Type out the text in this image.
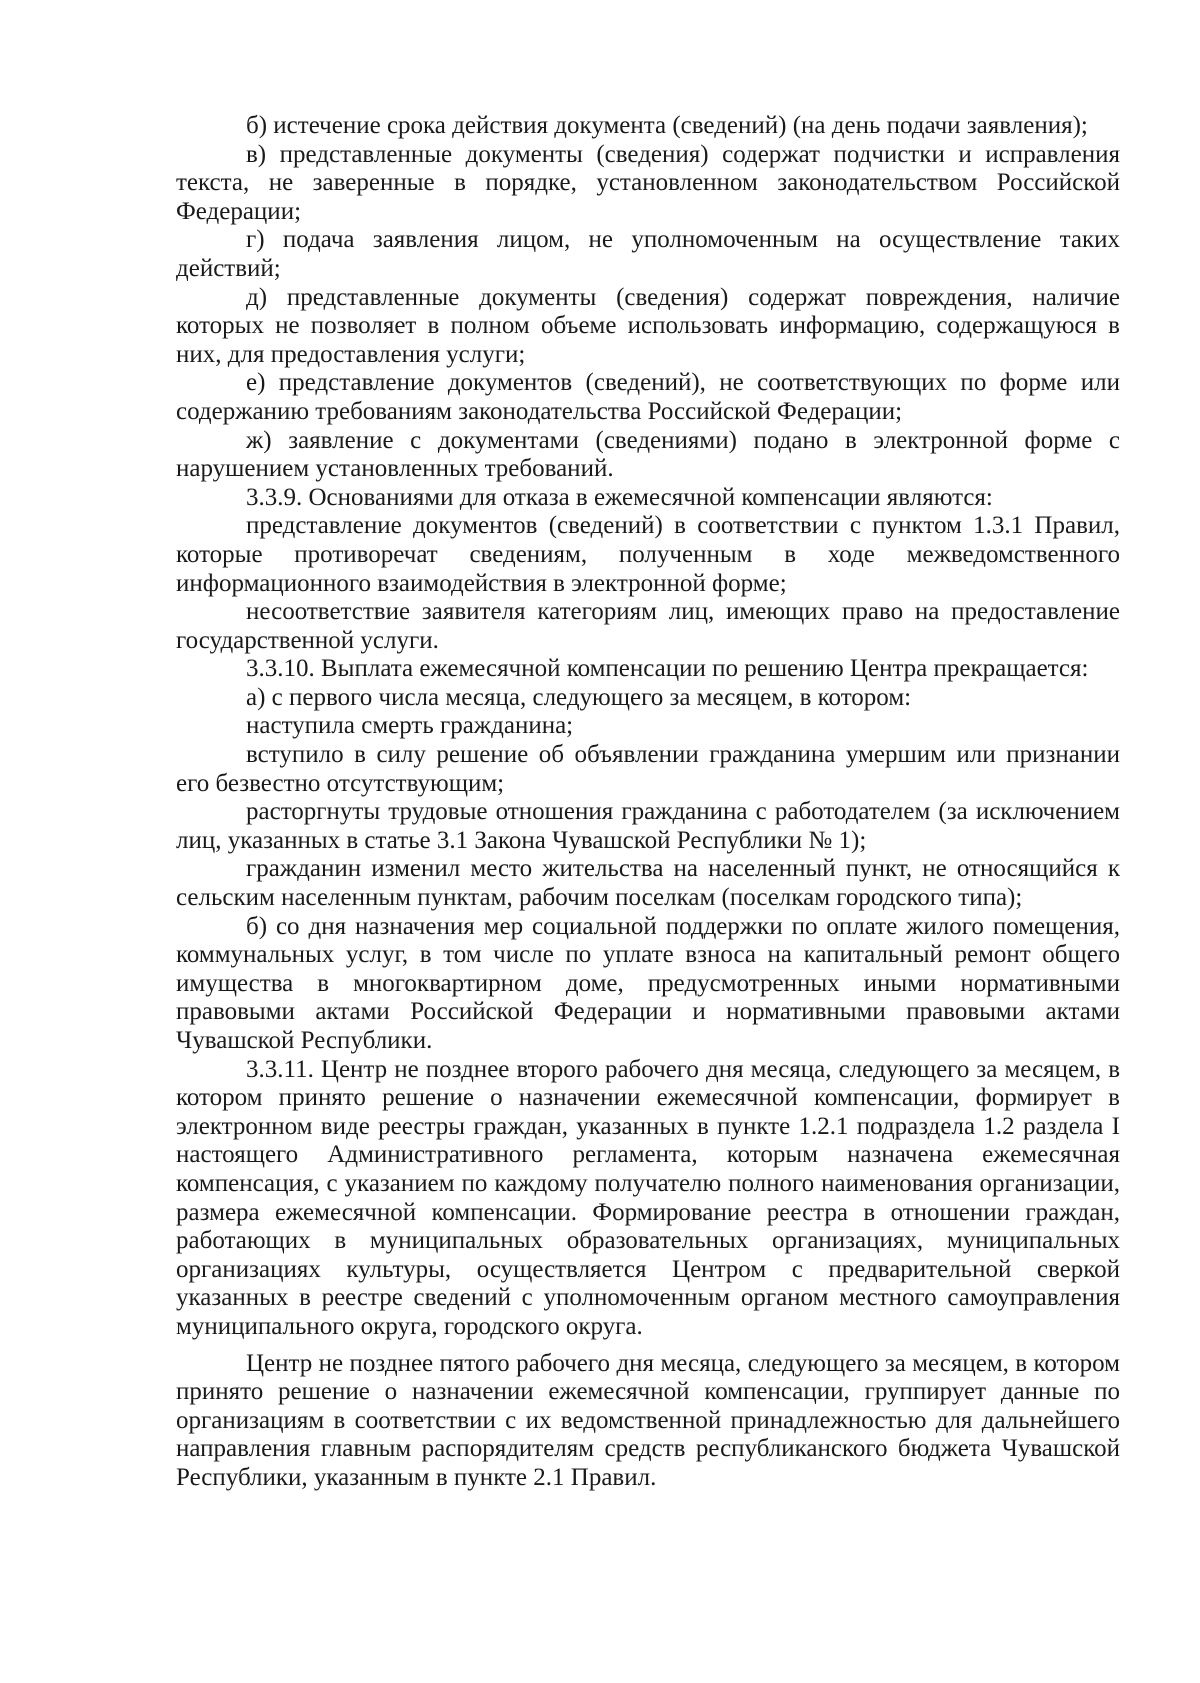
б) истечение срока действия документа (сведений) (на день подачи заявления);

в) представленные документы (сведения) содержат подчистки и исправления текста, не заверенные в порядке, установленном законодательством Российской Федерации;

г) подача заявления лицом, не уполномоченным на осуществление таких действий;

д) представленные документы (сведения) содержат повреждения, наличие которых не позволяет в полном объеме использовать информацию, содержащуюся в них, для предоставления услуги;

е) представление документов (сведений), не соответствующих по форме или содержанию требованиям законодательства Российской Федерации;

ж) заявление с документами (сведениями) подано в электронной форме с нарушением установленных требований.

3.3.9. Основаниями для отказа в ежемесячной компенсации являются:

представление документов (сведений) в соответствии с пунктом 1.3.1 Правил, которые противоречат сведениям, полученным в ходе межведомственного информационного взаимодействия в электронной форме;

несоответствие заявителя категориям лиц, имеющих право на предоставление государственной услуги.

3.3.10. Выплата ежемесячной компенсации по решению Центра прекращается:

а) с первого числа месяца, следующего за месяцем, в котором:

наступила смерть гражданина;

вступило в силу решение об объявлении гражданина умершим или признании его безвестно отсутствующим;

расторгнуты трудовые отношения гражданина с работодателем (за исключением лиц, указанных в статье 3.1 Закона Чувашской Республики № 1);

гражданин изменил место жительства на населенный пункт, не относящийся к сельским населенным пунктам, рабочим поселкам (поселкам городского типа);

б) со дня назначения мер социальной поддержки по оплате жилого помещения, коммунальных услуг, в том числе по уплате взноса на капитальный ремонт общего имущества в многоквартирном доме, предусмотренных иными нормативными правовыми актами Российской Федерации и нормативными правовыми актами Чувашской Республики.

3.3.11. Центр не позднее второго рабочего дня месяца, следующего за месяцем, в котором принято решение о назначении ежемесячной компенсации, формирует в электронном виде реестры граждан, указанных в пункте 1.2.1 подраздела 1.2 раздела I настоящего Административного регламента, которым назначена ежемесячная компенсация, с указанием по каждому получателю полного наименования организации, размера ежемесячной компенсации. Формирование реестра в отношении граждан, работающих в муниципальных образовательных организациях, муниципальных организациях культуры, осуществляется Центром с предварительной сверкой указанных в реестре сведений с уполномоченным органом местного самоуправления муниципального округа, городского округа.

Центр не позднее пятого рабочего дня месяца, следующего за месяцем, в котором принято решение о назначении ежемесячной компенсации, группирует данные по организациям в соответствии с их ведомственной принадлежностью для дальнейшего направления главным распорядителям средств республиканского бюджета Чувашской Республики, указанным в пункте 2.1 Правил.
